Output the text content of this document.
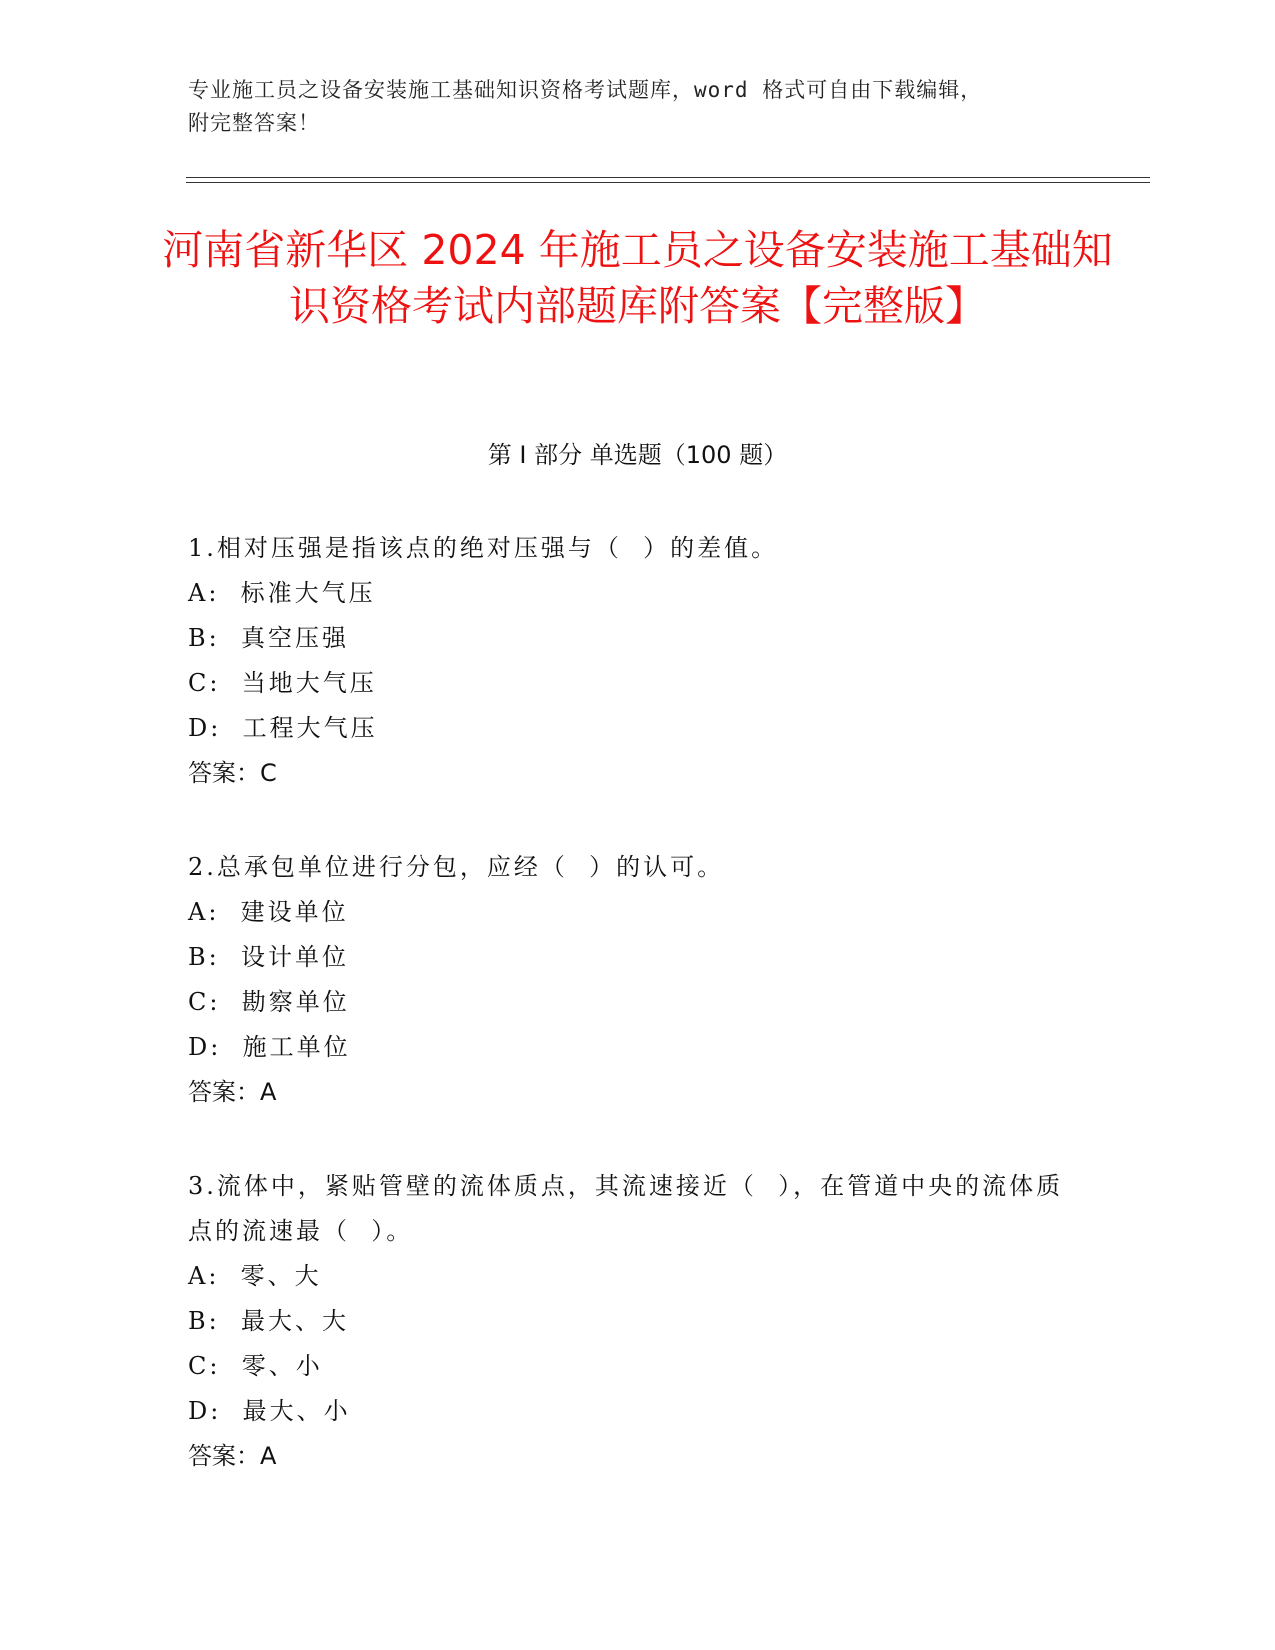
专业施工员之设备安装施工基础知识资格考试题库，word 格式可自由下载编辑，
附完整答案！
河南省新华区 2024 年施工员之设备安装施工基础知识资格考试内部题库附答案【完整版】
第 I 部分 单选题（100 题）

1.相对压强是指该点的绝对压强与（  ）的差值。

A:  标准大气压

B:  真空压强

C:  当地大气压

D:  工程大气压

答案：C

2.总承包单位进行分包，应经（  ）的认可。

A:  建设单位

B:  设计单位

C:  勘察单位

D:  施工单位

答案：A

3.流体中，紧贴管壁的流体质点，其流速接近（  ），在管道中央的流体质点的流速最（  ）。

A:  零、大

B:  最大、大

C:  零、小

D:  最大、小

答案：A
